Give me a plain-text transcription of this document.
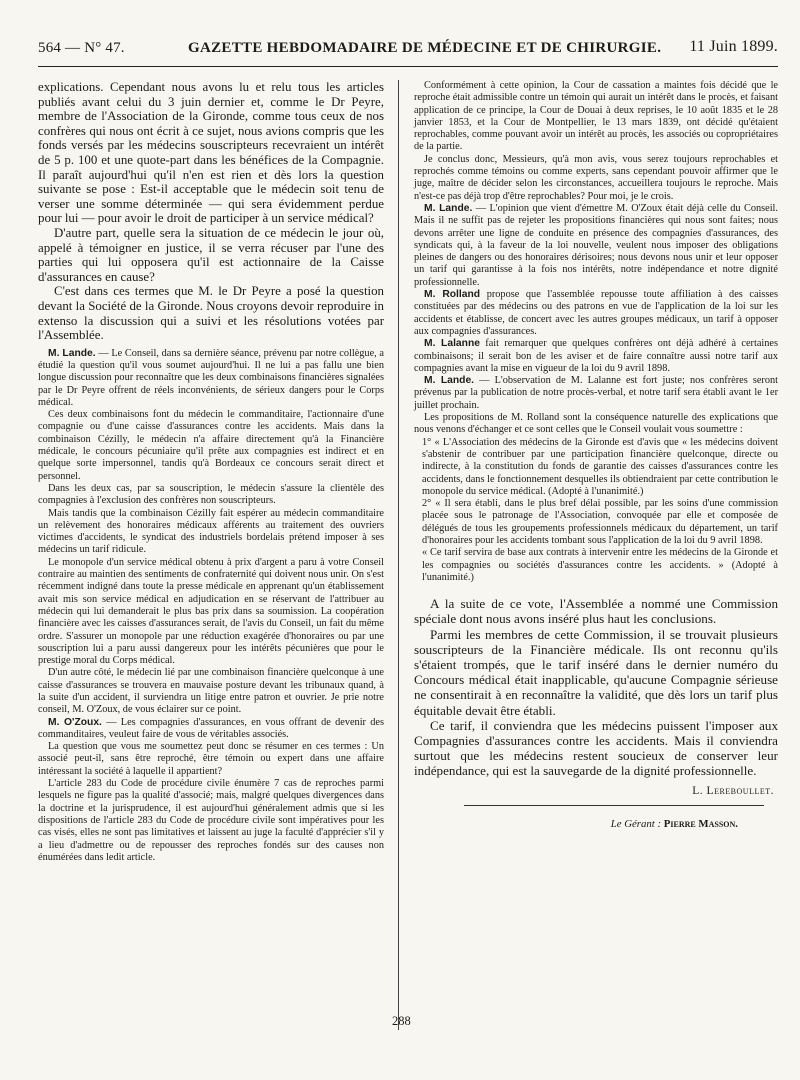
564 — N° 47.	GAZETTE HEBDOMADAIRE DE MÉDECINE ET DE CHIRURGIE. 11 Juin 1899.

explications. Cependant nous avons lu et relu tous les articles publiés avant celui du 3 juin dernier et, comme le Dr Peyre, membre de l'Association de la Gironde, comme tous ceux de nos confrères qui nous ont écrit à ce sujet, nous avions compris que les fonds versés par les médecins souscripteurs recevraient un intérêt de 5 p. 100 et une quote-part dans les bénéfices de la Compagnie. Il paraît aujourd'hui qu'il n'en est rien et dès lors la question suivante se pose : Est-il acceptable que le médecin soit tenu de verser une somme déterminée — qui sera évidemment perdue pour lui — pour avoir le droit de participer à un service médical?

D'autre part, quelle sera la situation de ce médecin le jour où, appelé à témoigner en justice, il se verra récuser par l'une des parties qui lui opposera qu'il est actionnaire de la Caisse d'assurances en cause?

C'est dans ces termes que M. le Dr Peyre a posé la question devant la Société de la Gironde. Nous croyons devoir reproduire in extenso la discussion qui a suivi et les résolutions votées par l'Assemblée.

M. Lande. — Le Conseil, dans sa dernière séance, prévenu par notre collègue, a étudié la question qu'il vous soumet aujourd'hui. Il ne lui a pas fallu une bien longue discussion pour reconnaître que les deux combinaisons financières signalées par le Dr Peyre offrent de réels inconvénients, de sérieux dangers pour le Corps médical.

Ces deux combinaisons font du médecin le commanditaire, l'actionnaire d'une compagnie ou d'une caisse d'assurances contre les accidents. Mais dans la combinaison Cézilly, le médecin n'a affaire directement qu'à la Financière médicale, le concours pécuniaire qu'il prête aux compagnies est indirect et en quelque sorte impersonnel, tandis qu'à Bordeaux ce concours serait direct et personnel.

Dans les deux cas, par sa souscription, le médecin s'assure la clientèle des compagnies à l'exclusion des confrères non souscripteurs.

Mais tandis que la combinaison Cézilly fait espérer au médecin commanditaire un relèvement des honoraires médicaux afférents au traitement des ouvriers victimes d'accidents, le syndicat des industriels bordelais prétend imposer à ses médecins un tarif ridicule.

Le monopole d'un service médical obtenu à prix d'argent a paru à votre Conseil contraire au maintien des sentiments de confraternité qui doivent nous unir. On s'est récemment indigné dans toute la presse médicale en apprenant qu'un établissement avait mis son service médical en adjudication en se réservant de l'attribuer au médecin qui lui demanderait le plus bas prix dans sa soumission. La coopération financière avec les caisses d'assurances serait, de l'avis du Conseil, un fait du même ordre. S'assurer un monopole par une réduction exagérée d'honoraires ou par une souscription lui a paru aussi dangereux pour les intérêts pécunières que pour le prestige moral du Corps médical.

D'un autre côté, le médecin lié par une combinaison financière quelconque à une caisse d'assurances se trouvera en mauvaise posture devant les tribunaux quand, à la suite d'un accident, il surviendra un litige entre patron et ouvrier. Je prie notre conseil, M. O'Zoux, de vous éclairer sur ce point.

M. O'Zoux. — Les compagnies d'assurances, en vous offrant de devenir des commanditaires, veuleut faire de vous de véritables associés.

La question que vous me soumettez peut donc se résumer en ces termes : Un associé peut-il, sans être reproché, être témoin ou expert dans une affaire intéressant la société à laquelle il appartient?

L'article 283 du Code de procédure civile énumère 7 cas de reproches parmi lesquels ne figure pas la qualité d'associé; mais, malgré quelques divergences dans la doctrine et la jurisprudence, il est aujourd'hui généralement admis que si les dispositions de l'article 283 du Code de procédure civile sont impératives pour les cas visés, elles ne sont pas limitatives et laissent au juge la faculté d'apprécier s'il y a lieu d'admettre ou de repousser des reproches fondés sur des causes non énumérées dans ledit article.

Conformément à cette opinion, la Cour de cassation a maintes fois décidé que le reproche était admissible contre un témoin qui aurait un intérêt dans le procès, et faisant application de ce principe, la Cour de Douai à deux reprises, le 10 août 1835 et le 28 janvier 1853, et la Cour de Montpellier, le 13 mars 1839, ont décidé qu'étaient reprochables, comme pouvant avoir un intérêt au procès, les associés ou copropriétaires de la partie.

Je conclus donc, Messieurs, qu'à mon avis, vous serez toujours reprochables et reprochés comme témoins ou comme experts, sans cependant pouvoir affirmer que le juge, maître de décider selon les circonstances, accueillera toujours le reproche. Mais n'est-ce pas déjà trop d'être reprochables? Pour moi, je le crois.

M. Lande. — L'opinion que vient d'émettre M. O'Zoux était déjà celle du Conseil. Mais il ne suffit pas de rejeter les propositions financières qui nous sont faites; nous devons arrêter une ligne de conduite en présence des compagnies d'assurances, des syndicats qui, à la faveur de la loi nouvelle, veulent nous imposer des obligations pleines de dangers ou des honoraires dérisoires; nous devons nous unir et leur opposer un tarif qui garantisse à la fois nos intérêts, notre indépendance et notre dignité professionnelle.

M. Rolland propose que l'assemblée repousse toute affiliation à des caisses constituées par des médecins ou des patrons en vue de l'application de la loi sur les accidents et établisse, de concert avec les autres groupes médicaux, un tarif à opposer aux compagnies d'assurances.

M. Lalanne fait remarquer que quelques confrères ont déjà adhéré à certaines combinaisons; il serait bon de les aviser et de faire connaître aussi notre tarif aux compagnies avant la mise en vigueur de la loi du 9 avril 1898.

M. Lande. — L'observation de M. Lalanne est fort juste; nos confrères seront prévenus par la publication de notre procès-verbal, et notre tarif sera établi avant le 1er juillet prochain.

Les propositions de M. Rolland sont la conséquence naturelle des explications que nous venons d'échanger et ce sont celles que le Conseil voulait vous soumettre :

1° « L'Association des médecins de la Gironde est d'avis que « les médecins doivent s'abstenir de contribuer par une participation financière quelconque, directe ou indirecte, à la constitution du fonds de garantie des caisses d'assurances contre les accidents, dans le fonctionnement desquelles ils obtiendraient par cette contribution le monopole du service médical. (Adopté à l'unanimité.)

2° « Il sera établi, dans le plus bref délai possible, par les soins d'une commission placée sous le patronage de l'Association, convoquée par elle et composée de délégués de tous les groupements professionnels médicaux du département, un tarif d'honoraires pour les accidents tombant sous l'application de la loi du 9 avril 1898.

« Ce tarif servira de base aux contrats à intervenir entre les médecins de la Gironde et les compagnies ou sociétés d'assurances contre les accidents. » (Adopté à l'unanimité.)

A la suite de ce vote, l'Assemblée a nommé une Commission spéciale dont nous avons inséré plus haut les conclusions.

Parmi les membres de cette Commission, il se trouvait plusieurs souscripteurs de la Financière médicale. Ils ont reconnu qu'ils s'étaient trompés, que le tarif inséré dans le dernier numéro du Concours médical était inapplicable, qu'aucune Compagnie sérieuse ne consentirait à en reconnaître la validité, que dès lors un tarif plus équitable devait être établi.

Ce tarif, il conviendra que les médecins puissent l'imposer aux Compagnies d'assurances contre les accidents. Mais il conviendra surtout que les médecins restent soucieux de conserver leur indépendance, qui est la sauvegarde de la dignité professionnelle.

L. Lereboullet.
Le Gérant : Pierre Masson.
288
